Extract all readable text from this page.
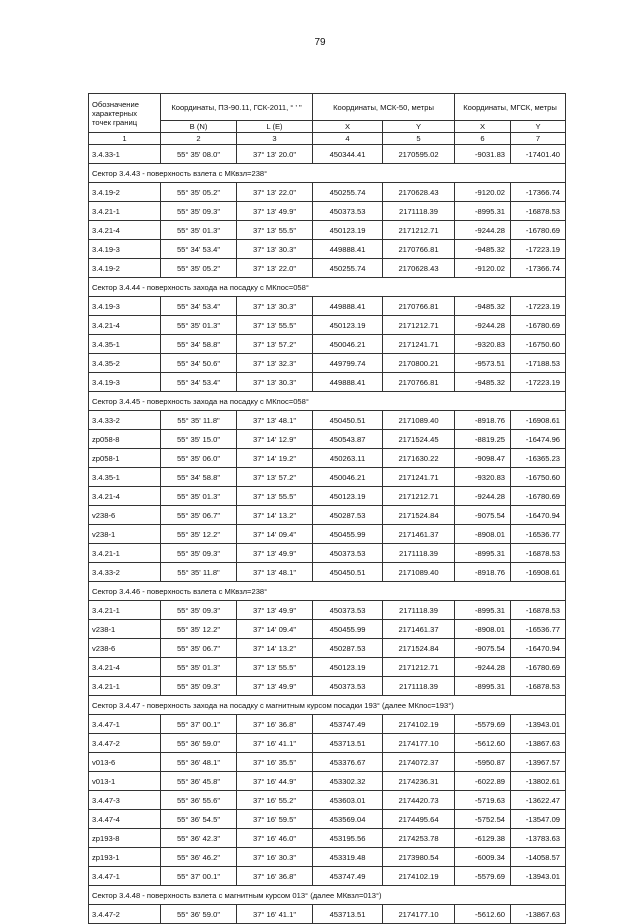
79
Обозначение характерных точек границ	Координаты, ПЗ-90.11, ГСК-2011, ° ' "		Координаты, МСК-50, метры		Координаты, МГСК, метры	
	B (N)	L (E)	X	Y	X	Y
1	2	3	4	5	6	7
3.4.33-1	55° 35' 08.0"	37° 13' 20.0"	450344.41	2170595.02	-9031.83	-17401.40
Сектор 3.4.43 - поверхность взлета с МКвзл=238°						
3.4.19-2	55° 35' 05.2"	37° 13' 22.0"	450255.74	2170628.43	-9120.02	-17366.74
3.4.21-1	55° 35' 09.3"	37° 13' 49.9"	450373.53	2171118.39	-8995.31	-16878.53
3.4.21-4	55° 35' 01.3"	37° 13' 55.5"	450123.19	2171212.71	-9244.28	-16780.69
3.4.19-3	55° 34' 53.4"	37° 13' 30.3"	449888.41	2170766.81	-9485.32	-17223.19
3.4.19-2	55° 35' 05.2"	37° 13' 22.0"	450255.74	2170628.43	-9120.02	-17366.74
Сектор 3.4.44 - поверхность захода на посадку с МКпос=058°						
3.4.19-3	55° 34' 53.4"	37° 13' 30.3"	449888.41	2170766.81	-9485.32	-17223.19
3.4.21-4	55° 35' 01.3"	37° 13' 55.5"	450123.19	2171212.71	-9244.28	-16780.69
3.4.35-1	55° 34' 58.8"	37° 13' 57.2"	450046.21	2171241.71	-9320.83	-16750.60
3.4.35-2	55° 34' 50.6"	37° 13' 32.3"	449799.74	2170800.21	-9573.51	-17188.53
3.4.19-3	55° 34' 53.4"	37° 13' 30.3"	449888.41	2170766.81	-9485.32	-17223.19
Сектор 3.4.45 - поверхность захода на посадку с МКпос=058°						
3.4.33-2	55° 35' 11.8"	37° 13' 48.1"	450450.51	2171089.40	-8918.76	-16908.61
zp058-8	55° 35' 15.0"	37° 14' 12.9"	450543.87	2171524.45	-8819.25	-16474.96
zp058-1	55° 35' 06.0"	37° 14' 19.2"	450263.11	2171630.22	-9098.47	-16365.23
3.4.35-1	55° 34' 58.8"	37° 13' 57.2"	450046.21	2171241.71	-9320.83	-16750.60
3.4.21-4	55° 35' 01.3"	37° 13' 55.5"	450123.19	2171212.71	-9244.28	-16780.69
v238-6	55° 35' 06.7"	37° 14' 13.2"	450287.53	2171524.84	-9075.54	-16470.94
v238-1	55° 35' 12.2"	37° 14' 09.4"	450455.99	2171461.37	-8908.01	-16536.77
3.4.21-1	55° 35' 09.3"	37° 13' 49.9"	450373.53	2171118.39	-8995.31	-16878.53
3.4.33-2	55° 35' 11.8"	37° 13' 48.1"	450450.51	2171089.40	-8918.76	-16908.61
Сектор 3.4.46 - поверхность взлета с МКвзл=238°						
3.4.21-1	55° 35' 09.3"	37° 13' 49.9"	450373.53	2171118.39	-8995.31	-16878.53
v238-1	55° 35' 12.2"	37° 14' 09.4"	450455.99	2171461.37	-8908.01	-16536.77
v238-6	55° 35' 06.7"	37° 14' 13.2"	450287.53	2171524.84	-9075.54	-16470.94
3.4.21-4	55° 35' 01.3"	37° 13' 55.5"	450123.19	2171212.71	-9244.28	-16780.69
3.4.21-1	55° 35' 09.3"	37° 13' 49.9"	450373.53	2171118.39	-8995.31	-16878.53
Сектор 3.4.47 - поверхность захода на посадку с магнитным курсом посадки 193° (далее МКпос=193°)						
3.4.47-1	55° 37' 00.1"	37° 16' 36.8"	453747.49	2174102.19	-5579.69	-13943.01
3.4.47-2	55° 36' 59.0"	37° 16' 41.1"	453713.51	2174177.10	-5612.60	-13867.63
v013-6	55° 36' 48.1"	37° 16' 35.5"	453376.67	2174072.37	-5950.87	-13967.57
v013-1	55° 36' 45.8"	37° 16' 44.9"	453302.32	2174236.31	-6022.89	-13802.61
3.4.47-3	55° 36' 55.6"	37° 16' 55.2"	453603.01	2174420.73	-5719.63	-13622.47
3.4.47-4	55° 36' 54.5"	37° 16' 59.5"	453569.04	2174495.64	-5752.54	-13547.09
zp193-8	55° 36' 42.3"	37° 16' 46.0"	453195.56	2174253.78	-6129.38	-13783.63
zp193-1	55° 36' 46.2"	37° 16' 30.3"	453319.48	2173980.54	-6009.34	-14058.57
3.4.47-1	55° 37' 00.1"	37° 16' 36.8"	453747.49	2174102.19	-5579.69	-13943.01
Сектор 3.4.48 - поверхность взлета с магнитным курсом 013° (далее МКвзл=013°)						
3.4.47-2	55° 36' 59.0"	37° 16' 41.1"	453713.51	2174177.10	-5612.60	-13867.63
